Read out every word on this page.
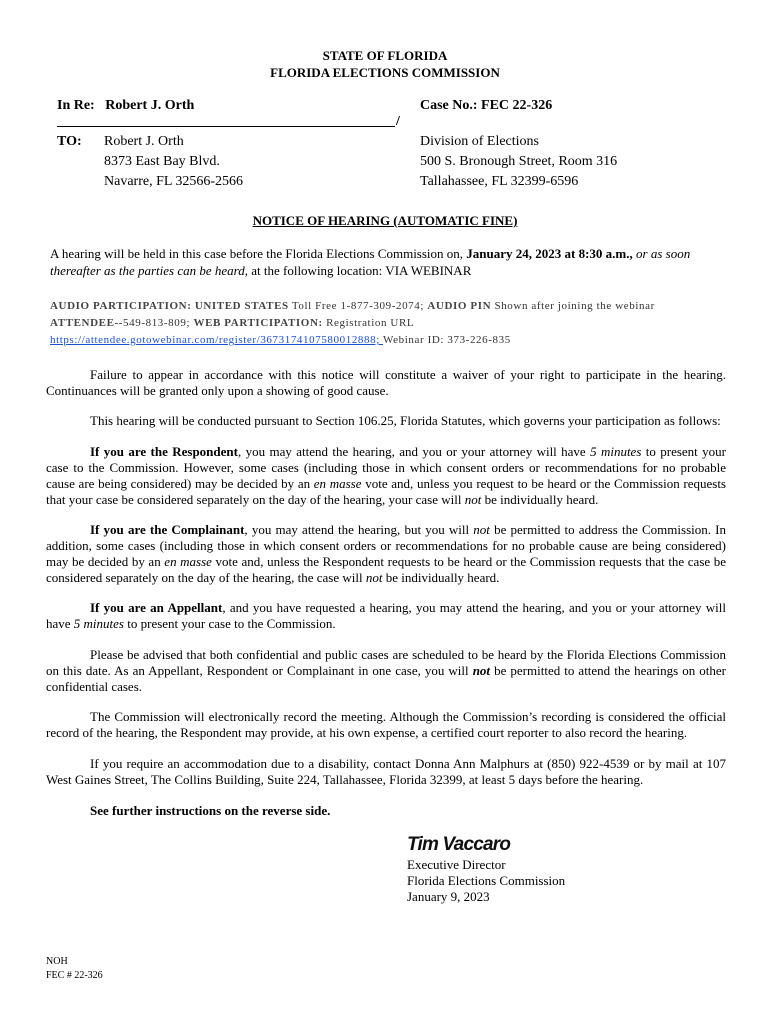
STATE OF FLORIDA
FLORIDA ELECTIONS COMMISSION
In Re: Robert J. Orth	Case No.: FEC 22-326
/
TO: Robert J. Orth
8373 East Bay Blvd.
Navarre, FL 32566-2566
Division of Elections
500 S. Bronough Street, Room 316
Tallahassee, FL 32399-6596
NOTICE OF HEARING (AUTOMATIC FINE)
A hearing will be held in this case before the Florida Elections Commission on, January 24, 2023 at 8:30 a.m., or as soon thereafter as the parties can be heard, at the following location: VIA WEBINAR
AUDIO PARTICIPATION: UNITED STATES Toll Free 1-877-309-2074; AUDIO PIN Shown after joining the webinar
ATTENDEE--549-813-809; WEB PARTICIPATION: Registration URL
https://attendee.gotowebinar.com/register/3673174107580012888; Webinar ID: 373-226-835
Failure to appear in accordance with this notice will constitute a waiver of your right to participate in the hearing. Continuances will be granted only upon a showing of good cause.
This hearing will be conducted pursuant to Section 106.25, Florida Statutes, which governs your participation as follows:
If you are the Respondent, you may attend the hearing, and you or your attorney will have 5 minutes to present your case to the Commission. However, some cases (including those in which consent orders or recommendations for no probable cause are being considered) may be decided by an en masse vote and, unless you request to be heard or the Commission requests that your case be considered separately on the day of the hearing, your case will not be individually heard.
If you are the Complainant, you may attend the hearing, but you will not be permitted to address the Commission. In addition, some cases (including those in which consent orders or recommendations for no probable cause are being considered) may be decided by an en masse vote and, unless the Respondent requests to be heard or the Commission requests that the case be considered separately on the day of the hearing, the case will not be individually heard.
If you are an Appellant, and you have requested a hearing, you may attend the hearing, and you or your attorney will have 5 minutes to present your case to the Commission.
Please be advised that both confidential and public cases are scheduled to be heard by the Florida Elections Commission on this date. As an Appellant, Respondent or Complainant in one case, you will not be permitted to attend the hearings on other confidential cases.
The Commission will electronically record the meeting. Although the Commission’s recording is considered the official record of the hearing, the Respondent may provide, at his own expense, a certified court reporter to also record the hearing.
If you require an accommodation due to a disability, contact Donna Ann Malphurs at (850) 922-4539 or by mail at 107 West Gaines Street, The Collins Building, Suite 224, Tallahassee, Florida 32399, at least 5 days before the hearing.
See further instructions on the reverse side.
Tim Vaccaro
Executive Director
Florida Elections Commission
January 9, 2023
NOH
FEC # 22-326
